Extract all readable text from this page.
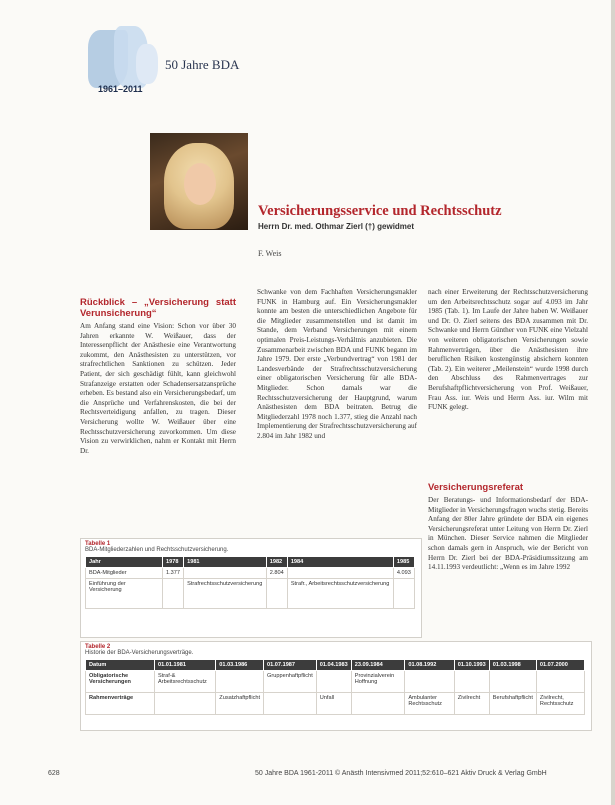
1961–2011
50 Jahre BDA
Versicherungsservice und Rechtsschutz
Herrn Dr. med. Othmar Zierl (†) gewidmet
F. Weis
Rückblick – „Versicherung statt Verunsicherung“

Am Anfang stand eine Vision: Schon vor über 30 Jahren erkannte W. Weißauer, dass der Interessenpflicht der Anästhesie eine Verantwortung zukommt, den Anästhesisten zu unterstützen, vor strafrechtlichen Sanktionen zu schützen. Jeder Patient, der sich geschädigt fühlt, kann gleichwohl Strafanzeige erstatten oder Schadensersatzansprüche erheben. Es bestand also ein Versicherungsbedarf, um die Ansprüche und Verfahrenskosten, die bei der Rechtsverteidigung anfallen, zu tragen. Dieser Versicherung wollte W. Weißauer über eine Rechtsschutzversicherung zuvorkommen. Um diese Vision zu verwirklichen, nahm er Kontakt mit Herrn Dr.

Schwanke von dem Fachhaften Versicherungsmakler FUNK in Hamburg auf. Ein Versicherungsmakler konnte am besten die unterschiedlichen Angebote für die Mitglieder zusammenstellen und ist damit im Stande, dem Verband Versicherungen mit einem optimalen Preis-Leistungs-Verhältnis anzubieten. Die Zusammenarbeit zwischen BDA und FUNK begann im Jahre 1979. Der erste „Verbundvertrag“ von 1981 der Landesverbände der Strafrechtsschutzversicherung einer obligatorischen Versicherung für alle BDA-Mitglieder. Schon damals war die Rechtsschutzversicherung der Hauptgrund, warum Anästhesisten dem BDA beitraten. Betrug die Mitgliederzahl 1978 noch 1.377, stieg die Anzahl nach Implementierung der Strafrechtsschutzversicherung auf 2.804 im Jahr 1982 und

nach einer Erweiterung der Rechtsschutzversicherung um den Arbeitsrechtsschutz sogar auf 4.093 im Jahr 1985 (Tab. 1). Im Laufe der Jahre haben W. Weißauer und Dr. O. Zierl seitens des BDA zusammen mit Dr. Schwanke und Herrn Günther von FUNK eine Vielzahl von weiteren obligatorischen Versicherungen sowie Rahmenverträgen, über die Anästhesisten ihre beruflichen Risiken kostengünstig absichern konnten (Tab. 2). Ein weiterer „Meilenstein“ wurde 1998 durch den Abschluss des Rahmenvertrages zur Berufshaftpflichtversicherung von Prof. Weißauer, Frau Ass. iur. Weis und Herrn Ass. iur. Wilm mit FUNK gelegt.

Versicherungsreferat

Der Beratungs- und Informationsbedarf der BDA-Mitglieder in Versicherungsfragen wuchs stetig. Bereits Anfang der 80er Jahre gründete der BDA ein eigenes Versicherungsreferat unter Leitung von Herrn Dr. Zierl in München. Dieser Service nahmen die Mitglieder schon damals gern in Anspruch, wie der Bericht von Herrn Dr. Zierl bei der BDA-Präsidiumssitzung am 14.11.1993 verdeutlicht: „Wenn es im Jahre 1992

Tabelle 1
BDA-Mitgliederzahlen und Rechtsschutzversicherung.
Jahr	1978	1981	1982	1984	1985
BDA-Mitglieder	1.377		2.804		4.093
Einführung der Versicherung		Strafrechtsschutzversicherung		Strafr., Arbeitsrechtsschutzversicherung	
Tabelle 2
Historie der BDA-Versicherungsverträge.
Datum	01.01.1981	01.03.1986	01.07.1987	01.04.1983	23.09.1984	01.08.1992	01.10.1993	01.03.1998	01.07.2000
Obligatorische Versicherungen	Straf-& Arbeitsrechtsschutz		Gruppenhaftpflicht		Provinzialverein Hoffnung				
Rahmenverträge		Zusatzhaftpflicht		Unfall		Ambulanter Rechtsschutz	Zivilrecht	Berufshaftpflicht	Zivilrecht, Rechtsschutz
628	50 Jahre BDA 1961-2011 © Anästh Intensivmed 2011;52:610–621 Aktiv Druck & Verlag GmbH
